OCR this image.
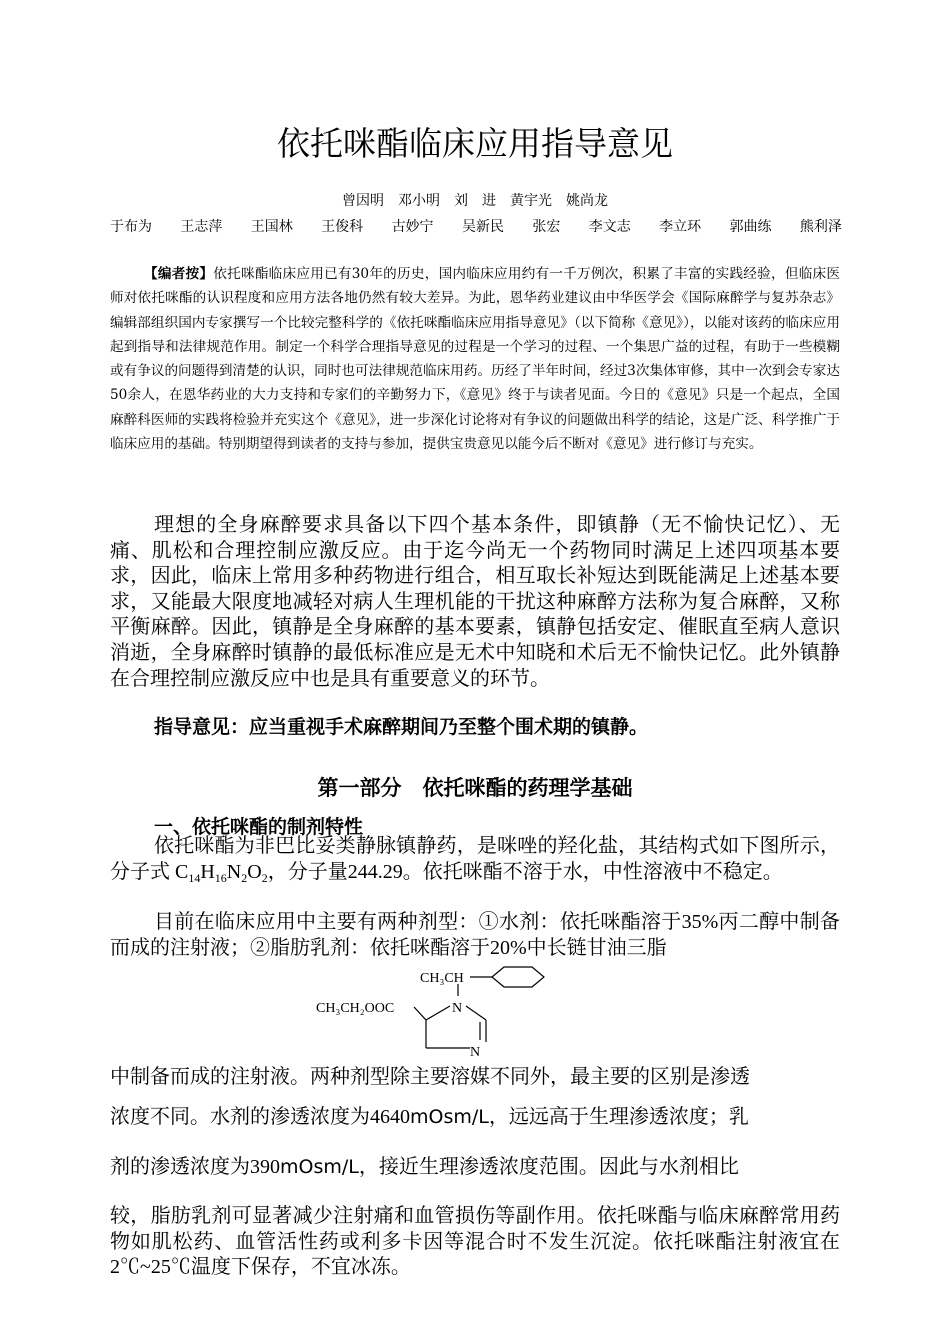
依托咪酯临床应用指导意见
曾因明　邓小明　刘　进　黄宇光　姚尚龙
于布为 王志萍 王国林 王俊科 古妙宁 吴新民 张宏 李文志 李立环 郭曲练 熊利泽
【编者按】依托咪酯临床应用已有30年的历史，国内临床应用约有一千万例次，积累了丰富的实践经验，但临床医师对依托咪酯的认识程度和应用方法各地仍然有较大差异。为此，恩华药业建议由中华医学会《国际麻醉学与复苏杂志》编辑部组织国内专家撰写一个比较完整科学的《依托咪酯临床应用指导意见》（以下简称《意见》），以能对该药的临床应用起到指导和法律规范作用。制定一个科学合理指导意见的过程是一个学习的过程、一个集思广益的过程，有助于一些模糊或有争议的问题得到清楚的认识，同时也可法律规范临床用药。历经了半年时间，经过3次集体审修，其中一次到会专家达50余人，在恩华药业的大力支持和专家们的辛勤努力下，《意见》终于与读者见面。今日的《意见》只是一个起点，全国麻醉科医师的实践将检验并充实这个《意见》，进一步深化讨论将对有争议的问题做出科学的结论，这是广泛、科学推广于临床应用的基础。特别期望得到读者的支持与参加，提供宝贵意见以能今后不断对《意见》进行修订与充实。
理想的全身麻醉要求具备以下四个基本条件，即镇静（无不愉快记忆）、无痛、肌松和合理控制应激反应。由于迄今尚无一个药物同时满足上述四项基本要求，因此，临床上常用多种药物进行组合，相互取长补短达到既能满足上述基本要求，又能最大限度地减轻对病人生理机能的干扰这种麻醉方法称为复合麻醉，又称平衡麻醉。因此，镇静是全身麻醉的基本要素，镇静包括安定、催眠直至病人意识消逝，全身麻醉时镇静的最低标准应是无术中知晓和术后无不愉快记忆。此外镇静在合理控制应激反应中也是具有重要意义的环节。
指导意见：应当重视手术麻醉期间乃至整个围术期的镇静。
第一部分　依托咪酯的药理学基础
一、依托咪酯的制剂特性
依托咪酯为非巴比妥类静脉镇静药，是咪唑的羟化盐，其结构式如下图所示，分子式 $C_{14}H_{16}N_2O_2$，分子量244.29。依托咪酯不溶于水，中性溶液中不稳定。
目前在临床应用中主要有两种剂型：①水剂：依托咪酯溶于35%丙二醇中制备而成的注射液；②脂肪乳剂：依托咪酯溶于20%中长链甘油三脂
CH₃CH
N
CH₃CH₂OOC
N
中制备而成的注射液。两种剂型除主要溶媒不同外，最主要的区别是渗透
浓度不同。水剂的渗透浓度为4640mOsm/L，远远高于生理渗透浓度；乳
剂的渗透浓度为390mOsm/L，接近生理渗透浓度范围。因此与水剂相比
较，脂肪乳剂可显著减少注射痛和血管损伤等副作用。依托咪酯与临床麻醉常用药物如肌松药、血管活性药或利多卡因等混合时不发生沉淀。依托咪酯注射液宜在2℃~25℃温度下保存，不宜冰冻。
